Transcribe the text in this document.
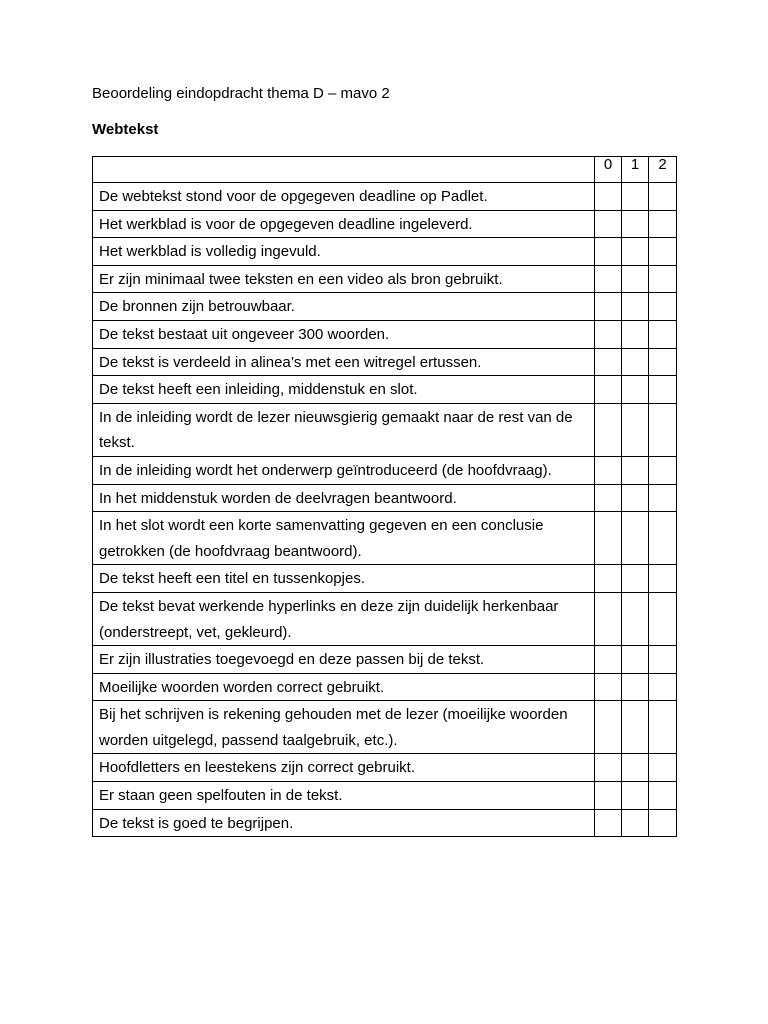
Beoordeling eindopdracht thema D – mavo 2
Webtekst
	0	1	2
De webtekst stond voor de opgegeven deadline op Padlet.			
Het werkblad is voor de opgegeven deadline ingeleverd.			
Het werkblad is volledig ingevuld.			
Er zijn minimaal twee teksten en een video als bron gebruikt.			
De bronnen zijn betrouwbaar.			
De tekst bestaat uit ongeveer 300 woorden.			
De tekst is verdeeld in alinea’s met een witregel ertussen.			
De tekst heeft een inleiding, middenstuk en slot.			
In de inleiding wordt de lezer nieuwsgierig gemaakt naar de rest van de tekst.			
In de inleiding wordt het onderwerp geïntroduceerd (de hoofdvraag).			
In het middenstuk worden de deelvragen beantwoord.			
In het slot wordt een korte samenvatting gegeven en een conclusie getrokken (de hoofdvraag beantwoord).			
De tekst heeft een titel en tussenkopjes.			
De tekst bevat werkende hyperlinks en deze zijn duidelijk herkenbaar (onderstreept, vet, gekleurd).			
Er zijn illustraties toegevoegd en deze passen bij de tekst.			
Moeilijke woorden worden correct gebruikt.			
Bij het schrijven is rekening gehouden met de lezer (moeilijke woorden worden uitgelegd, passend taalgebruik, etc.).			
Hoofdletters en leestekens zijn correct gebruikt.			
Er staan geen spelfouten in de tekst.			
De tekst is goed te begrijpen.			
